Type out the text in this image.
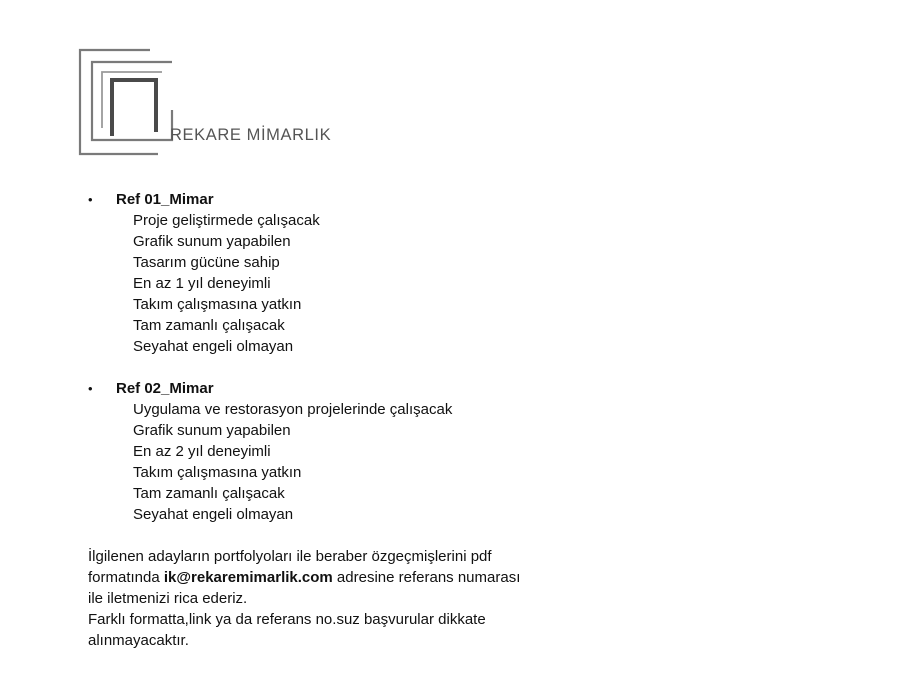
REKARE MİMARLIK
•	Ref 01_Mimar
Proje geliştirmede çalışacak
Grafik sunum yapabilen
Tasarım gücüne sahip
En az 1 yıl deneyimli
Takım çalışmasına yatkın
Tam zamanlı çalışacak
Seyahat engeli olmayan
•	Ref 02_Mimar
Uygulama ve restorasyon projelerinde çalışacak
Grafik sunum yapabilen
En az 2 yıl deneyimli
Takım çalışmasına yatkın
Tam zamanlı çalışacak
Seyahat engeli olmayan

İlgilenen adayların portfolyoları ile beraber özgeçmişlerini pdf formatında ik@rekaremimarlik.com adresine referans numarası ile iletmenizi rica ederiz.

Farklı formatta,link ya da referans no.suz başvurular dikkate alınmayacaktır.
